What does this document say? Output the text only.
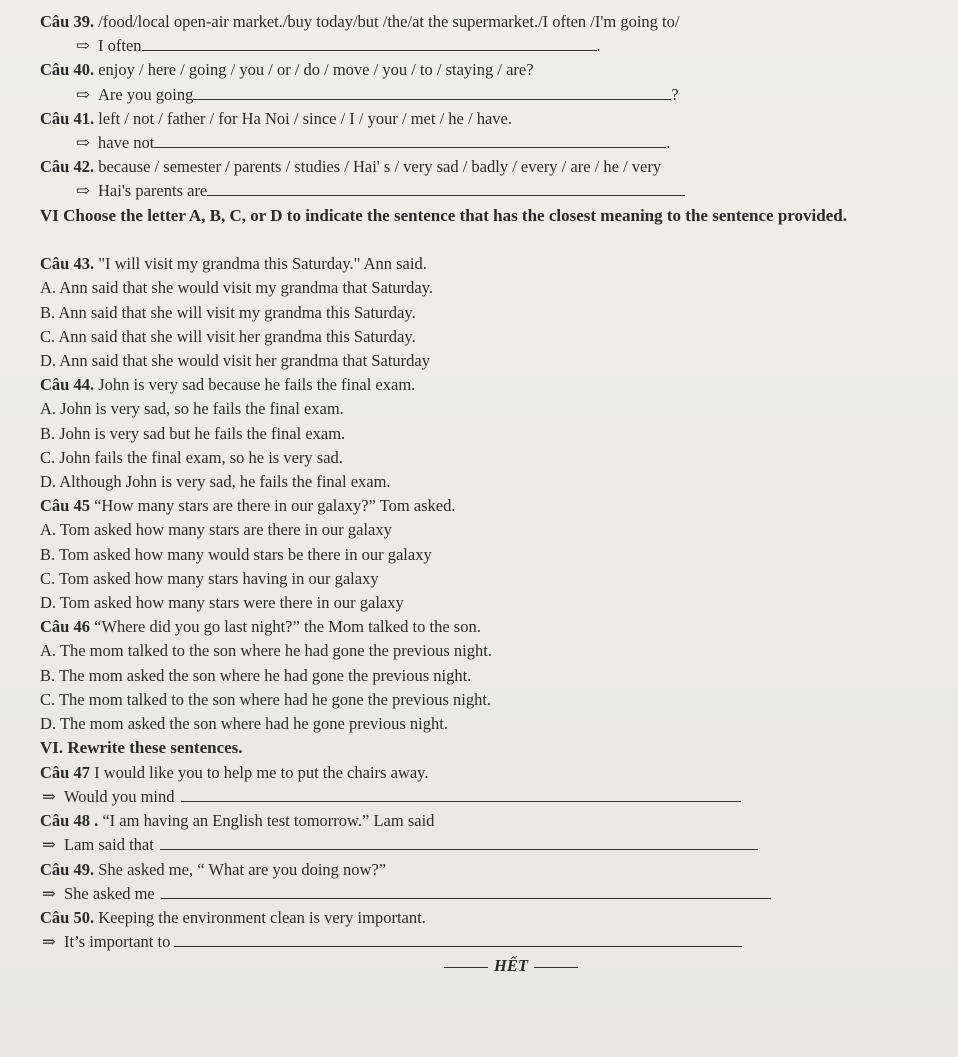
Câu 39. /food/local open-air market./buy today/but /the/at the supermarket./I often /I'm going to/
⇨ I often	.
Câu 40. enjoy / here / going / you / or / do / move / you / to / staying / are?
⇨ Are you going	?
Câu 41. left / not / father / for Ha Noi / since / I / your / met / he / have.
⇨ have not	.
Câu 42. because / semester / parents / studies / Hai' s / very sad / badly / every / are / he / very
⇨ Hai's parents are
VI Choose the letter A, B, C, or D to indicate the sentence that has the closest meaning to the sentence provided.
Câu 43. "I will visit my grandma this Saturday." Ann said.
A. Ann said that she would visit my grandma that Saturday.
B. Ann said that she will visit my grandma this Saturday.
C. Ann said that she will visit her grandma this Saturday.
D. Ann said that she would visit her grandma that Saturday
Câu 44. John is very sad because he fails the final exam.
A. John is very sad, so he fails the final exam.
B. John is very sad but he fails the final exam.
C. John fails the final exam, so he is very sad.
D. Although John is very sad, he fails the final exam.
Câu 45 “How many stars are there in our galaxy?” Tom asked.
A. Tom asked how many stars are there in our galaxy
B. Tom asked how many would stars be there in our galaxy
C. Tom asked how many stars having in our galaxy
D. Tom asked how many stars were there in our galaxy
Câu 46 “Where did you go last night?” the Mom talked to the son.
A. The mom talked to the son where he had gone the previous night.
B. The mom asked the son where he had gone the previous night.
C. The mom talked to the son where had he gone the previous night.
D. The mom asked the son where had he gone previous night.
VI. Rewrite these sentences.
Câu 47 I would like you to help me to put the chairs away.
⇒ Would you mind
Câu 48 . “I am having an English test tomorrow.” Lam said
⇒ Lam said that
Câu 49. She asked me, “ What are you doing now?”
⇒ She asked me
Câu 50. Keeping the environment clean is very important.
⇒ It’s important to
HẾT
